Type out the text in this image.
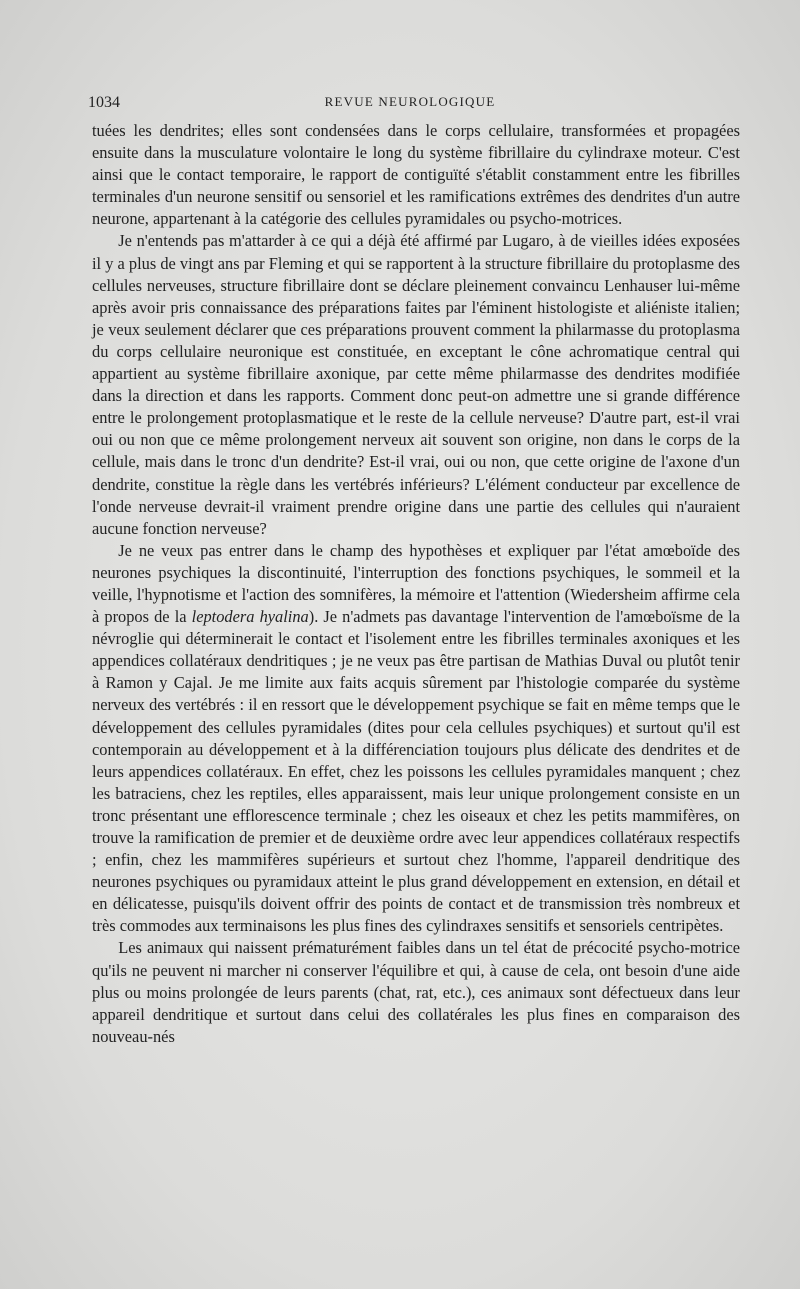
1034	REVUE NEUROLOGIQUE

tuées les dendrites; elles sont condensées dans le corps cellulaire, transformées et propagées ensuite dans la musculature volontaire le long du système fibrillaire du cylindraxe moteur. C'est ainsi que le contact temporaire, le rapport de contiguïté s'établit constamment entre les fibrilles terminales d'un neurone sensitif ou sensoriel et les ramifications extrêmes des dendrites d'un autre neurone, appartenant à la catégorie des cellules pyramidales ou psycho-motrices.

Je n'entends pas m'attarder à ce qui a déjà été affirmé par Lugaro, à de vieilles idées exposées il y a plus de vingt ans par Fleming et qui se rapportent à la structure fibrillaire du protoplasme des cellules nerveuses, structure fibrillaire dont se déclare pleinement convaincu Lenhauser lui-même après avoir pris connaissance des préparations faites par l'éminent histologiste et aliéniste italien; je veux seulement déclarer que ces préparations prouvent comment la philarmasse du protoplasma du corps cellulaire neuronique est constituée, en exceptant le cône achromatique central qui appartient au système fibrillaire axonique, par cette même philarmasse des dendrites modifiée dans la direction et dans les rapports. Comment donc peut-on admettre une si grande différence entre le prolongement protoplasmatique et le reste de la cellule nerveuse? D'autre part, est-il vrai oui ou non que ce même prolongement nerveux ait souvent son origine, non dans le corps de la cellule, mais dans le tronc d'un dendrite? Est-il vrai, oui ou non, que cette origine de l'axone d'un dendrite, constitue la règle dans les vertébrés inférieurs? L'élément conducteur par excellence de l'onde nerveuse devrait-il vraiment prendre origine dans une partie des cellules qui n'auraient aucune fonction nerveuse?

Je ne veux pas entrer dans le champ des hypothèses et expliquer par l'état amœboïde des neurones psychiques la discontinuité, l'interruption des fonctions psychiques, le sommeil et la veille, l'hypnotisme et l'action des somnifères, la mémoire et l'attention (Wiedersheim affirme cela à propos de la leptodera hyalina). Je n'admets pas davantage l'intervention de l'amœboïsme de la névroglie qui déterminerait le contact et l'isolement entre les fibrilles terminales axoniques et les appendices collatéraux dendritiques ; je ne veux pas être partisan de Mathias Duval ou plutôt tenir à Ramon y Cajal. Je me limite aux faits acquis sûrement par l'histologie comparée du système nerveux des vertébrés : il en ressort que le développement psychique se fait en même temps que le développement des cellules pyramidales (dites pour cela cellules psychiques) et surtout qu'il est contemporain au développement et à la différenciation toujours plus délicate des dendrites et de leurs appendices collatéraux. En effet, chez les poissons les cellules pyramidales manquent ; chez les batraciens, chez les reptiles, elles apparaissent, mais leur unique prolongement consiste en un tronc présentant une efflorescence terminale ; chez les oiseaux et chez les petits mammifères, on trouve la ramification de premier et de deuxième ordre avec leur appendices collatéraux respectifs ; enfin, chez les mammifères supérieurs et surtout chez l'homme, l'appareil dendritique des neurones psychiques ou pyramidaux atteint le plus grand développement en extension, en détail et en délicatesse, puisqu'ils doivent offrir des points de contact et de transmission très nombreux et très commodes aux terminaisons les plus fines des cylindraxes sensitifs et sensoriels centripètes.

Les animaux qui naissent prématurément faibles dans un tel état de précocité psycho-motrice qu'ils ne peuvent ni marcher ni conserver l'équilibre et qui, à cause de cela, ont besoin d'une aide plus ou moins prolongée de leurs parents (chat, rat, etc.), ces animaux sont défectueux dans leur appareil dendritique et surtout dans celui des collatérales les plus fines en comparaison des nouveau-nés
